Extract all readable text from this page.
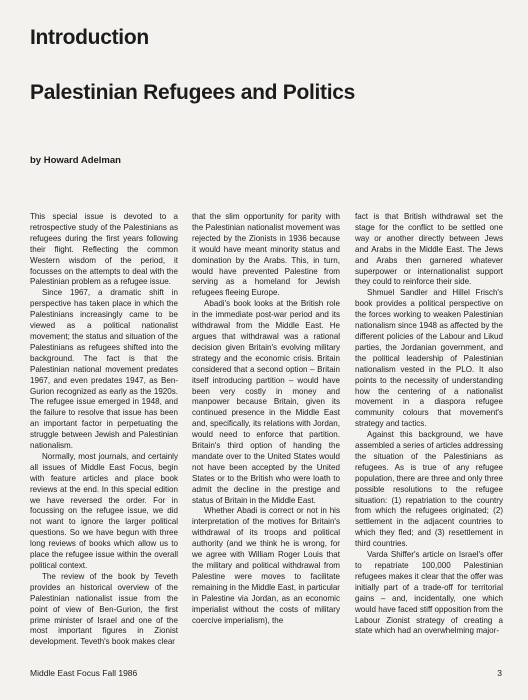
Introduction
Palestinian Refugees and Politics

by Howard Adelman

This special issue is devoted to a retrospective study of the Palestinians as refugees during the first years following their flight. Reflecting the common Western wisdom of the period, it focusses on the attempts to deal with the Palestinian problem as a refugee issue.

Since 1967, a dramatic shift in perspective has taken place in which the Palestinians increasingly came to be viewed as a political nationalist movement; the status and situation of the Palestinians as refugees shifted into the background. The fact is that the Palestinian national movement predates 1967, and even predates 1947, as Ben-Gurion recognized as early as the 1920s. The refugee issue emerged in 1948, and the failure to resolve that issue has been an important factor in perpetuating the struggle between Jewish and Palestinian nationalism.

Normally, most journals, and certainly all issues of Middle East Focus, begin with feature articles and place book reviews at the end. In this special edition we have reversed the order. For in focussing on the refugee issue, we did not want to ignore the larger political questions. So we have begun with three long reviews of books which allow us to place the refugee issue within the overall political context.

The review of the book by Teveth provides an historical overview of the Palestinian nationalist issue from the point of view of Ben-Gurion, the first prime minister of Israel and one of the most important figures in Zionist development. Teveth's book makes clear

that the slim opportunity for parity with the Palestinian nationalist movement was rejected by the Zionists in 1936 because it would have meant minority status and domination by the Arabs. This, in turn, would have prevented Palestine from serving as a homeland for Jewish refugees fleeing Europe.

Abadi's book looks at the British role in the immediate post-war period and its withdrawal from the Middle East. He argues that withdrawal was a rational decision given Britain's evolving military strategy and the economic crisis. Britain considered that a second option – Britain itself introducing partition – would have been very costly in money and manpower because Britain, given its continued presence in the Middle East and, specifically, its relations with Jordan, would need to enforce that partition. Britain's third option of handing the mandate over to the United States would not have been accepted by the United States or to the British who were loath to admit the decline in the prestige and status of Britain in the Middle East.

Whether Abadi is correct or not in his interpretation of the motives for Britain's withdrawal of its troops and political authority (and we think he is wrong, for we agree with William Roger Louis that the military and political withdrawal from Palestine were moves to facilitate remaining in the Middle East, in particular in Palestine via Jordan, as an economic imperialist without the costs of military coercive imperialism), the

fact is that British withdrawal set the stage for the conflict to be settled one way or another directly between Jews and Arabs in the Middle East. The Jews and Arabs then garnered whatever superpower or internationalist support they could to reinforce their side.

Shmuel Sandler and Hillel Frisch's book provides a political perspective on the forces working to weaken Palestinian nationalism since 1948 as affected by the different policies of the Labour and Likud parties, the Jordanian government, and the political leadership of Palestinian nationalism vested in the PLO. It also points to the necessity of understanding how the centering of a nationalist movement in a diaspora refugee community colours that movement's strategy and tactics.

Against this background, we have assembled a series of articles addressing the situation of the Palestinians as refugees. As is true of any refugee population, there are three and only three possible resolutions to the refugee situation: (1) repatriation to the country from which the refugees originated; (2) settlement in the adjacent countries to which they fled; and (3) resettlement in third countries.

Varda Shiffer's article on Israel's offer to repatriate 100,000 Palestinian refugees makes it clear that the offer was initially part of a trade-off for territorial gains – and, incidentally, one which would have faced stiff opposition from the Labour Zionist strategy of creating a state which had an overwhelming major-

Middle East Focus Fall 1986	3
